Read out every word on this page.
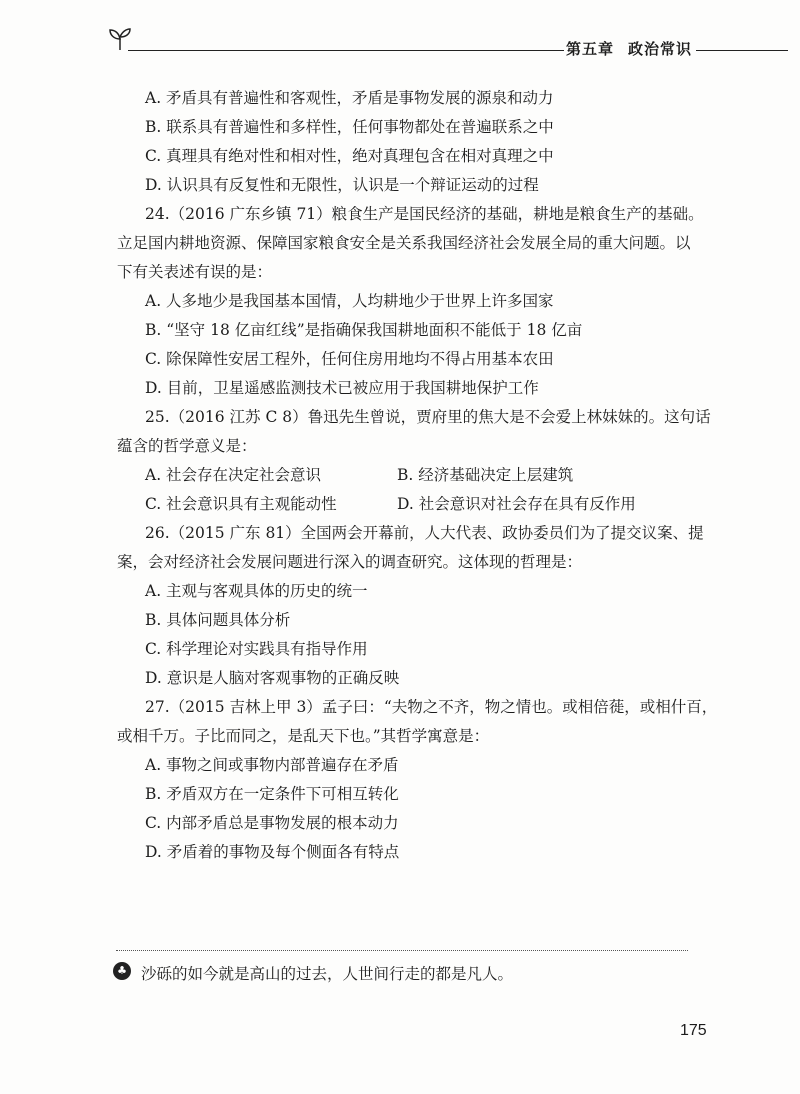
第五章 政治常识
A. 矛盾具有普遍性和客观性，矛盾是事物发展的源泉和动力
B. 联系具有普遍性和多样性，任何事物都处在普遍联系之中
C. 真理具有绝对性和相对性，绝对真理包含在相对真理之中
D. 认识具有反复性和无限性，认识是一个辩证运动的过程
24.（2016 广东乡镇 71）粮食生产是国民经济的基础，耕地是粮食生产的基础。
立足国内耕地资源、保障国家粮食安全是关系我国经济社会发展全局的重大问题。以
下有关表述有误的是：
A. 人多地少是我国基本国情，人均耕地少于世界上许多国家
B. “坚守 18 亿亩红线”是指确保我国耕地面积不能低于 18 亿亩
C. 除保障性安居工程外，任何住房用地均不得占用基本农田
D. 目前，卫星遥感监测技术已被应用于我国耕地保护工作
25.（2016 江苏 C 8）鲁迅先生曾说，贾府里的焦大是不会爱上林妹妹的。这句话
蕴含的哲学意义是：
A. 社会存在决定社会意识	B. 经济基础决定上层建筑
C. 社会意识具有主观能动性	D. 社会意识对社会存在具有反作用
26.（2015 广东 81）全国两会开幕前，人大代表、政协委员们为了提交议案、提
案，会对经济社会发展问题进行深入的调查研究。这体现的哲理是：
A. 主观与客观具体的历史的统一
B. 具体问题具体分析
C. 科学理论对实践具有指导作用
D. 意识是人脑对客观事物的正确反映
27.（2015 吉林上甲 3）孟子曰：“夫物之不齐，物之情也。或相倍蓰，或相什百，
或相千万。子比而同之，是乱天下也。”其哲学寓意是：
A. 事物之间或事物内部普遍存在矛盾
B. 矛盾双方在一定条件下可相互转化
C. 内部矛盾总是事物发展的根本动力
D. 矛盾着的事物及每个侧面各有特点
♣ 沙砾的如今就是高山的过去，人世间行走的都是凡人。
175
